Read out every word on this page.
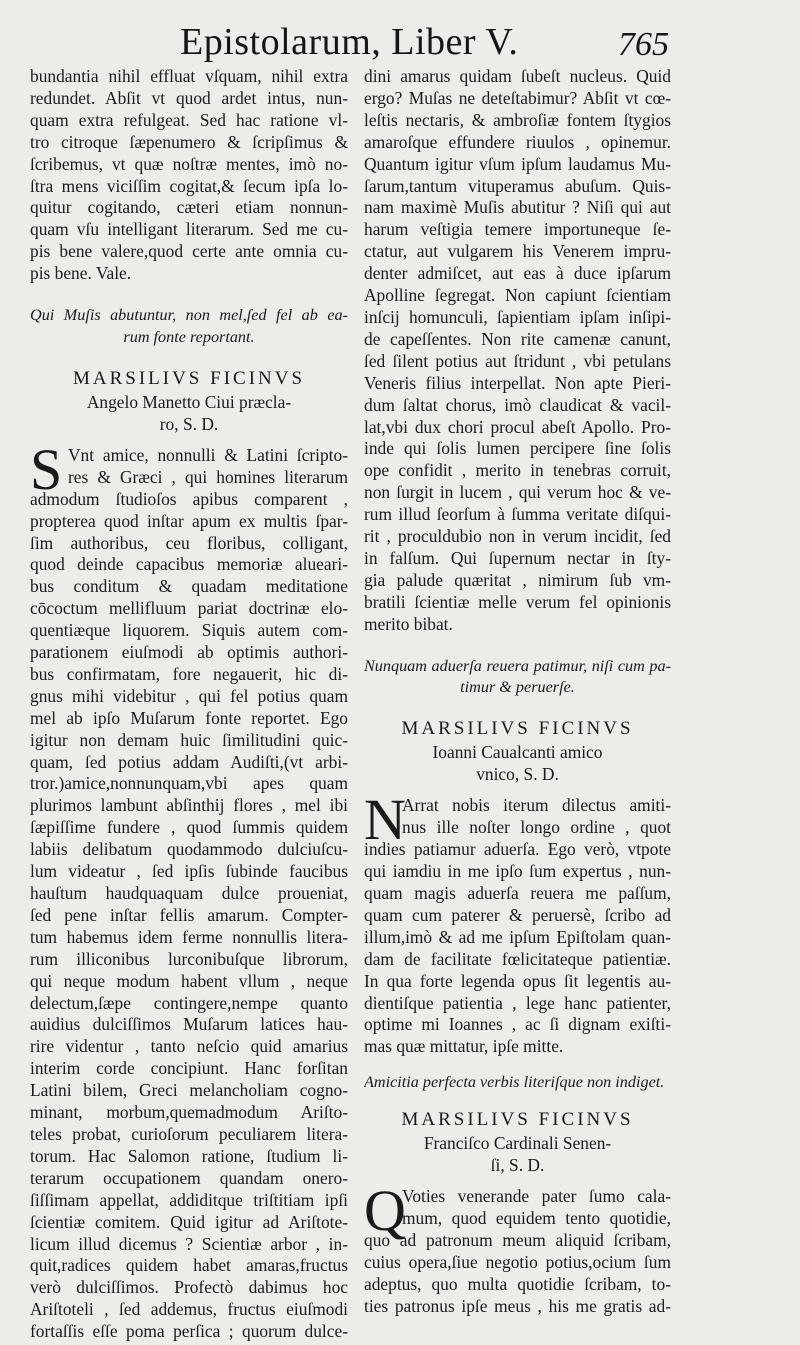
Epistolarum, Liber V.	765
bundantia nihil effluat vſquam, nihil extra
redundet. Abſit vt quod ardet intus, nun-
quam extra refulgeat. Sed hac ratione vl-
tro citroque ſæpenumero & ſcripſimus &
ſcribemus, vt quæ noſtræ mentes, imò no-
ſtra mens viciſſim cogitat,& ſecum ipſa lo-
quitur cogitando, cæteri etiam nonnun-
quam vſu intelligant literarum. Sed me cu-
pis bene valere,quod certe ante omnia cu-
pis bene. Vale.
Qui Muſis abutuntur, non mel,ſed fel ab ea-
rum fonte reportant.
MARSILIVS FICINVS
Angelo Manetto Ciui præcla-
ro, S. D.
S Vnt amice, nonnulli & Latini ſcripto-
res & Græci , qui homines literarum
admodum ſtudioſos apibus comparent ,
propterea quod inſtar apum ex multis ſpar-
ſim authoribus, ceu floribus, colligant,
quod deinde capacibus memoriæ alueari-
bus conditum & quadam meditatione
cōcoctum mellifluum pariat doctrinæ elo-
quentiæque liquorem. Siquis autem com-
parationem eiuſmodi ab optimis authori-
bus confirmatam, fore negauerit, hic di-
gnus mihi videbitur , qui fel potius quam
mel ab ipſo Muſarum fonte reportet. Ego
igitur non demam huic ſimilitudini quic-
quam, ſed potius addam Audiſti,(vt arbi-
tror.)amice,nonnunquam,vbi apes quam
plurimos lambunt abſinthij flores , mel ibi
ſæpiſſime fundere , quod ſummis quidem
labiis delibatum quodammodo dulciuſcu-
lum videatur , ſed ipſis ſubinde faucibus
hauſtum haudquaquam dulce proueniat,
ſed pene inſtar fellis amarum. Compter-
tum habemus idem ferme nonnullis litera-
rum illiconibus lurconibuſque librorum,
qui neque modum habent vllum , neque
delectum,ſæpe contingere,nempe quanto
auidius dulciſſimos Muſarum latices hau-
rire videntur , tanto neſcio quid amarius
interim corde concipiunt. Hanc forſitan
Latini bilem, Greci melancholiam cogno-
minant, morbum,quemadmodum Ariſto-
teles probat, curioſorum peculiarem litera-
torum. Hac Salomon ratione, ſtudium li-
terarum occupationem quandam onero-
ſiſſimam appellat, addiditque triſtitiam ipſi
ſcientiæ comitem. Quid igitur ad Ariſtote-
licum illud dicemus ? Scientiæ arbor , in-
quit,radices quidem habet amaras,fructus
verò dulciſſimos. Profectò dabimus hoc
Ariſtoteli , ſed addemus, fructus eiuſmodi
fortaſſis eſſe poma perſica ; quorum dulce-
dini amarus quidam ſubeſt nucleus. Quid
ergo? Muſas ne deteſtabimur? Abſit vt cœ-
leſtis nectaris, & ambroſiæ fontem ſtygios
amaroſque effundere riuulos , opinemur.
Quantum igitur vſum ipſum laudamus Mu-
ſarum,tantum vituperamus abuſum. Quis-
nam maximè Muſis abutitur ? Niſi qui aut
harum veſtigia temere importuneque ſe-
ctatur, aut vulgarem his Venerem impru-
denter admiſcet, aut eas à duce ipſarum
Apolline ſegregat. Non capiunt ſcientiam
inſcij homunculi, ſapientiam ipſam inſipi-
de capeſſentes. Non rite camenæ canunt,
ſed ſilent potius aut ſtridunt , vbi petulans
Veneris filius interpellat. Non apte Pieri-
dum ſaltat chorus, imò claudicat & vacil-
lat,vbi dux chori procul abeſt Apollo. Pro-
inde qui ſolis lumen percipere ſine ſolis
ope confidit , merito in tenebras corruit,
non ſurgit in lucem , qui verum hoc & ve-
rum illud ſeorſum à ſumma veritate diſqui-
rit , proculdubio non in verum incidit, ſed
in falſum. Qui ſupernum nectar in ſty-
gia palude quæritat , nimirum ſub vm-
bratili ſcientiæ melle verum fel opinionis
merito bibat.
Nunquam aduerſa reuera patimur, niſi cum pa-
timur & peruerſe.
MARSILIVS FICINVS
Ioanni Caualcanti amico
vnico, S. D.
N
Arrat nobis iterum dilectus amiti-
nus ille noſter longo ordine , quot
indies patiamur aduerſa. Ego verò, vtpote
qui iamdiu in me ipſo ſum expertus , nun-
quam magis aduerſa reuera me paſſum,
quam cum paterer & peruersè, ſcribo ad
illum,imò & ad me ipſum Epiſtolam quan-
dam de facilitate fœlicitateque patientiæ.
In qua forte legenda opus ſit legentis au-
dientiſque patientia , lege hanc patienter,
optime mi Ioannes , ac ſi dignam exiſti-
mas quæ mittatur, ipſe mitte.
Amicitia perfecta verbis literiſque non indiget.
MARSILIVS FICINVS
Franciſco Cardinali Senen-
ſi, S. D.
Q
Voties venerande pater ſumo cala-
mum, quod equidem tento quotidie,
quo ad patronum meum aliquid ſcribam,
cuius opera,ſiue negotio potius,ocium ſum
adeptus, quo multa quotidie ſcribam, to-
ties patronus ipſe meus , his me gratis ad-
